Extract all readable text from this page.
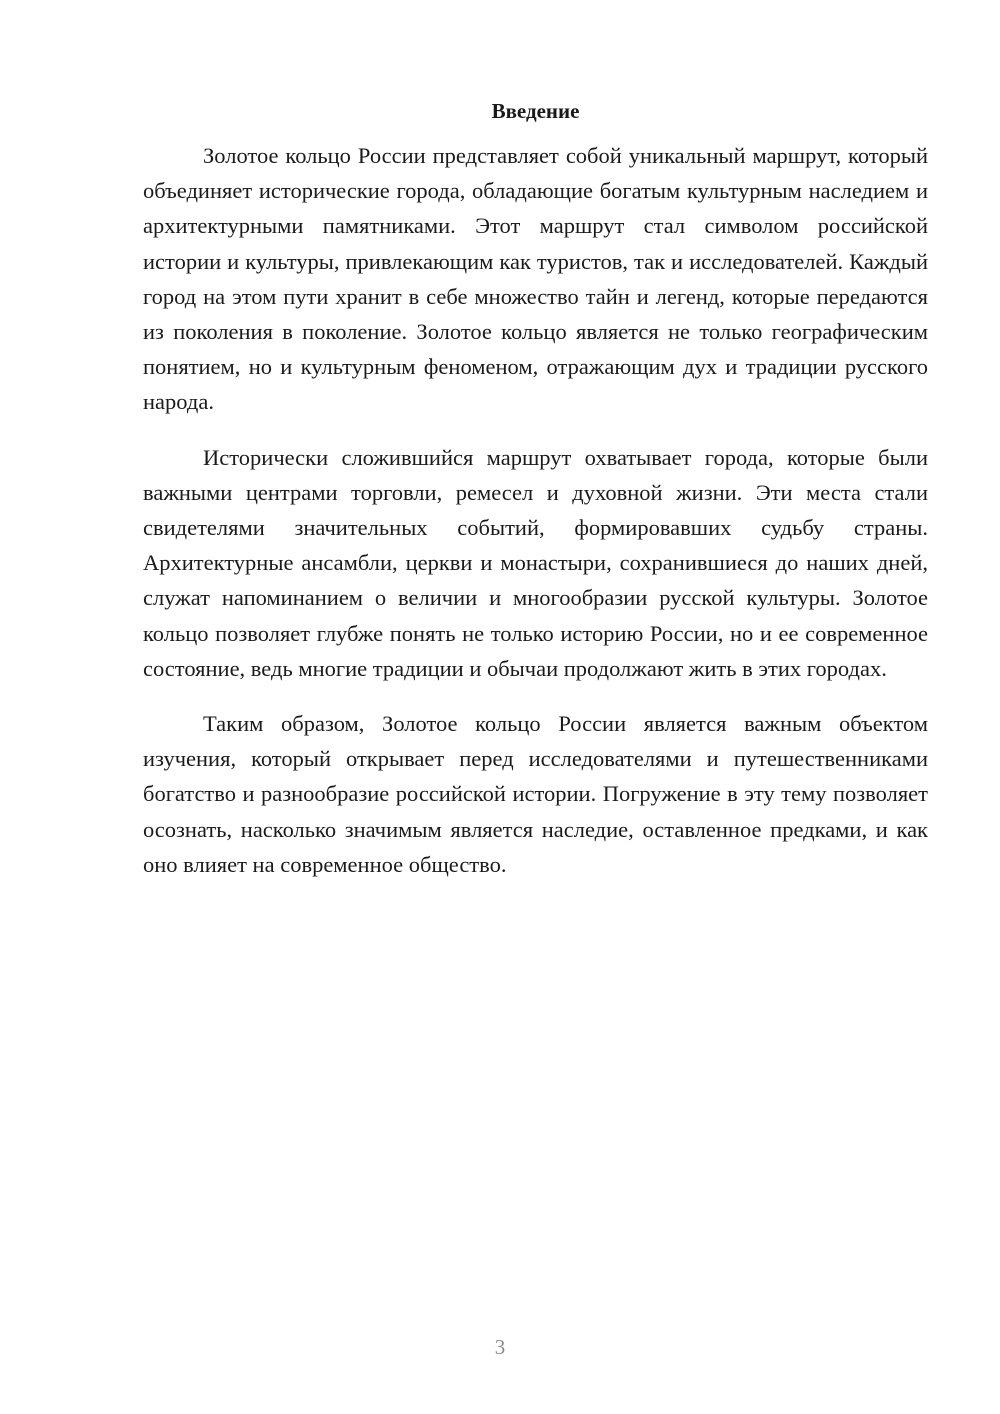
Введение

Золотое кольцо России представляет собой уникальный маршрут, который объединяет исторические города, обладающие богатым культурным наследием и архитектурными памятниками. Этот маршрут стал символом российской истории и культуры, привлекающим как туристов, так и исследователей. Каждый город на этом пути хранит в себе множество тайн и легенд, которые передаются из поколения в поколение. Золотое кольцо является не только географическим понятием, но и культурным феноменом, отражающим дух и традиции русского народа.

Исторически сложившийся маршрут охватывает города, которые были важными центрами торговли, ремесел и духовной жизни. Эти места стали свидетелями значительных событий, формировавших судьбу страны. Архитектурные ансамбли, церкви и монастыри, сохранившиеся до наших дней, служат напоминанием о величии и многообразии русской культуры. Золотое кольцо позволяет глубже понять не только историю России, но и ее современное состояние, ведь многие традиции и обычаи продолжают жить в этих городах.

Таким образом, Золотое кольцо России является важным объектом изучения, который открывает перед исследователями и путешественниками богатство и разнообразие российской истории. Погружение в эту тему позволяет осознать, насколько значимым является наследие, оставленное предками, и как оно влияет на современное общество.

3
